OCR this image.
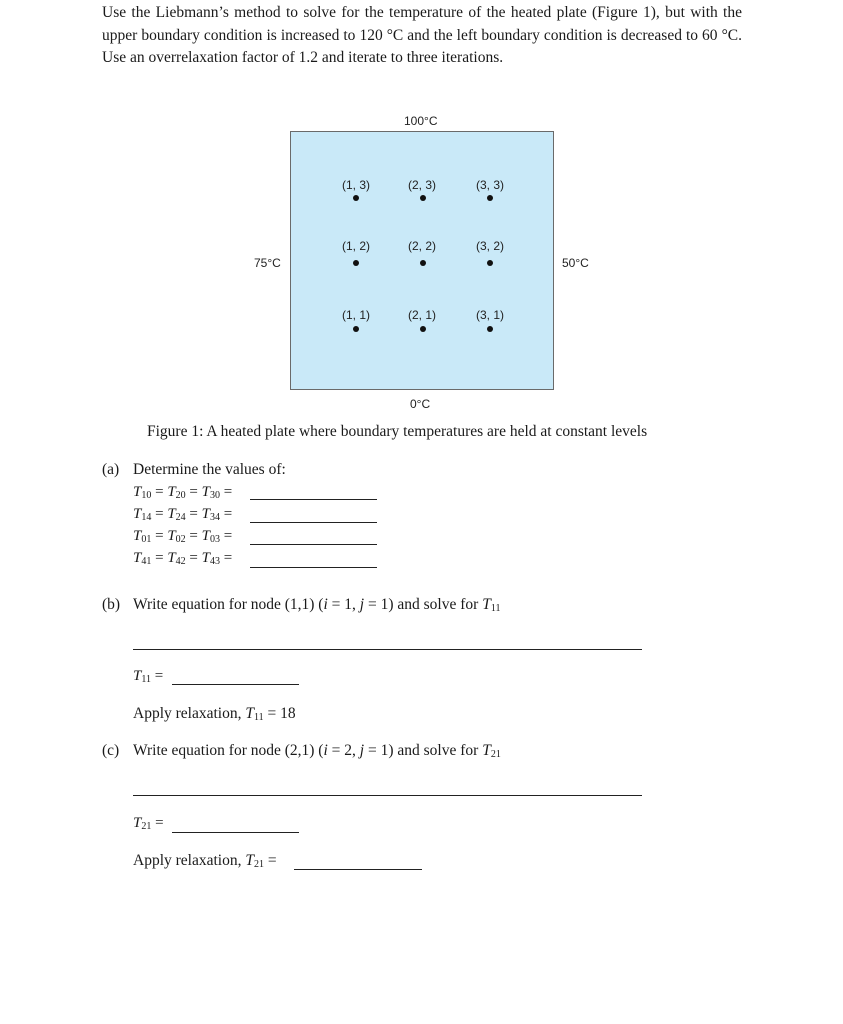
Use the Liebmann’s method to solve for the temperature of the heated plate (Figure 1), but with the upper boundary condition is increased to 120 °C and the left boundary condition is decreased to 60 °C. Use an overrelaxation factor of 1.2 and iterate to three iterations.
100°C
0°C
75°C	50°C
(1, 3)	(2, 3)	(3, 3)
(1, 2)	(2, 2)	(3, 2)
(1, 1)	(2, 1)	(3, 1)
Figure 1: A heated plate where boundary temperatures are held at constant levels
(a) Determine the values of:
$T_{10} = T_{20} = T_{30}$ =
$T_{14} = T_{24} = T_{34}$ =
$T_{01} = T_{02} = T_{03}$ =
$T_{41} = T_{42} = T_{43}$ =
(b) Write equation for node (1,1) (i = 1, j = 1) and solve for $T_{11}$
$T_{11}$ =
Apply relaxation, $T_{11} = 18$
(c) Write equation for node (2,1) (i = 2, j = 1) and solve for $T_{21}$
$T_{21}$ =
Apply relaxation, $T_{21}$ =
